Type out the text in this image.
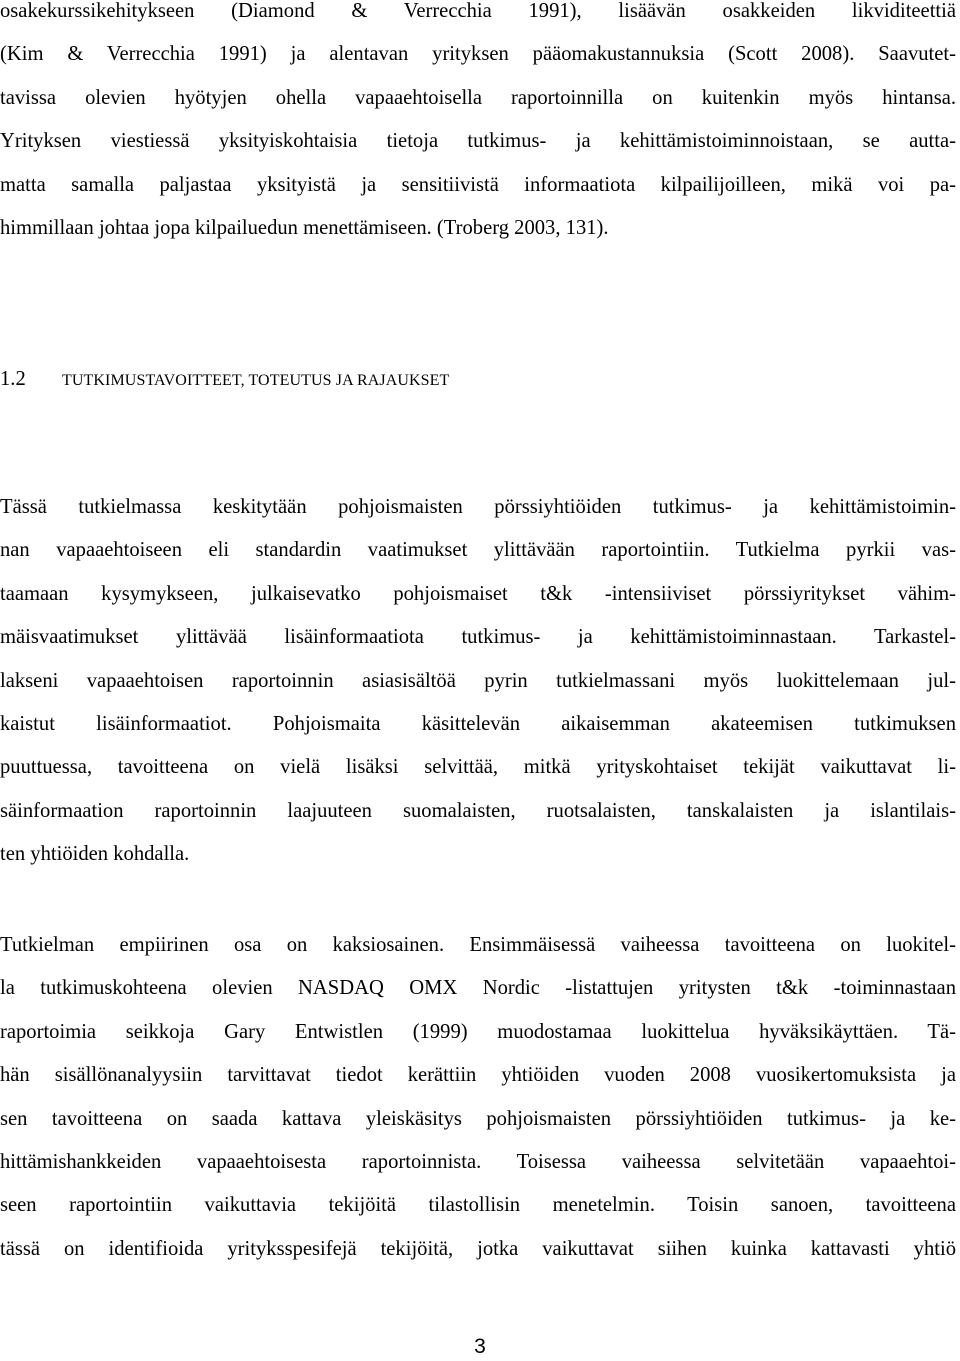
osakekurssikehitykseen (Diamond & Verrecchia 1991), lisäävän osakkeiden likviditeettiä
(Kim & Verrecchia 1991) ja alentavan yrityksen pääomakustannuksia (Scott 2008). Saavutet-
tavissa olevien hyötyjen ohella vapaaehtoisella raportoinnilla on kuitenkin myös hintansa.
Yrityksen viestiessä yksityiskohtaisia tietoja tutkimus- ja kehittämistoiminnoistaan, se autta-
matta samalla paljastaa yksityistä ja sensitiivistä informaatiota kilpailijoilleen, mikä voi pa-
himmillaan johtaa jopa kilpailuedun menettämiseen. (Troberg 2003, 131).
1.2 TUTKIMUSTAVOITTEET, TOTEUTUS JA RAJAUKSET
Tässä tutkielmassa keskitytään pohjoismaisten pörssiyhtiöiden tutkimus- ja kehittämistoimin-
nan vapaaehtoiseen eli standardin vaatimukset ylittävään raportointiin. Tutkielma pyrkii vas-
taamaan kysymykseen, julkaisevatko pohjoismaiset t&k -intensiiviset pörssiyritykset vähim-
mäisvaatimukset ylittävää lisäinformaatiota tutkimus- ja kehittämistoiminnastaan. Tarkastel-
lakseni vapaaehtoisen raportoinnin asiasisältöä pyrin tutkielmassani myös luokittelemaan jul-
kaistut lisäinformaatiot. Pohjoismaita käsittelevän aikaisemman akateemisen tutkimuksen
puuttuessa, tavoitteena on vielä lisäksi selvittää, mitkä yrityskohtaiset tekijät vaikuttavat li-
säinformaation raportoinnin laajuuteen suomalaisten, ruotsalaisten, tanskalaisten ja islantilais-
ten yhtiöiden kohdalla.
Tutkielman empiirinen osa on kaksiosainen. Ensimmäisessä vaiheessa tavoitteena on luokitel-
la tutkimuskohteena olevien NASDAQ OMX Nordic -listattujen yritysten t&k -toiminnastaan
raportoimia seikkoja Gary Entwistlen (1999) muodostamaa luokittelua hyväksikäyttäen. Tä-
hän sisällönanalyysiin tarvittavat tiedot kerättiin yhtiöiden vuoden 2008 vuosikertomuksista ja
sen tavoitteena on saada kattava yleiskäsitys pohjoismaisten pörssiyhtiöiden tutkimus- ja ke-
hittämishankkeiden vapaaehtoisesta raportoinnista. Toisessa vaiheessa selvitetään vapaaehtoi-
seen raportointiin vaikuttavia tekijöitä tilastollisin menetelmin. Toisin sanoen, tavoitteena
tässä on identifioida yrityksspesifejä tekijöitä, jotka vaikuttavat siihen kuinka kattavasti yhtiö
3
